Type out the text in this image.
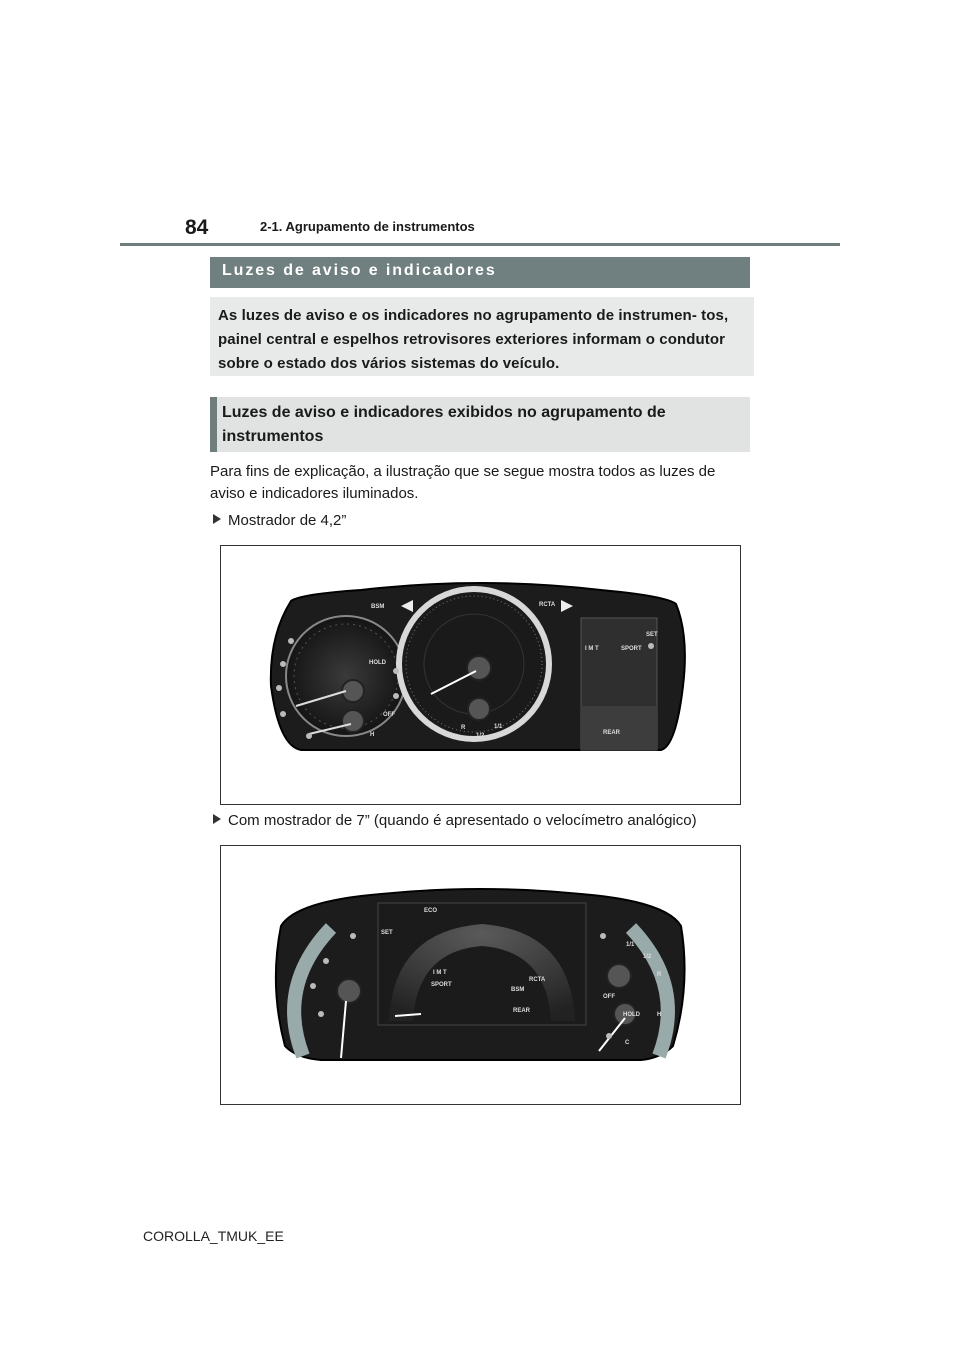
84	2-1. Agrupamento de instrumentos
Luzes de aviso e indicadores
As luzes de aviso e os indicadores no agrupamento de instrumen- tos, painel central e espelhos retrovisores exteriores informam o condutor sobre o estado dos vários sistemas do veículo.
Luzes de aviso e indicadores exibidos no agrupamento de instrumentos
Para fins de explicação, a ilustração que se segue mostra todos as luzes de aviso e indicadores iluminados.
Mostrador de 4,2”
BSM	RCTA
HOLD
I M T	ECO SPORT
SET
REAR
1/2
1/1
H
OFF
R
Com mostrador de 7” (quando é apresentado o velocímetro analógico)
I M T
SPORT
BSM
RCTA
REAR
ECO
SET
HOLD
1/1
1/2
R
H
C
OFF
COROLLA_TMUK_EE
